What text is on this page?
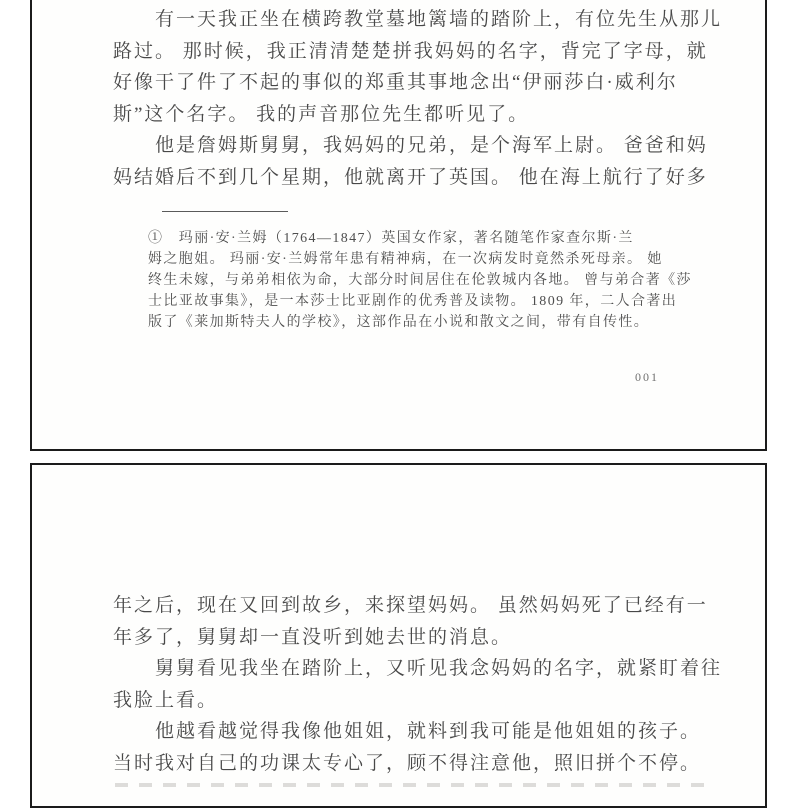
　　有一天我正坐在横跨教堂墓地篱墙的踏阶上，有位先生从那儿
路过。 那时候，我正清清楚楚拼我妈妈的名字，背完了字母，就
好像干了件了不起的事似的郑重其事地念出“伊丽莎白·威利尔
斯”这个名字。 我的声音那位先生都听见了。
　　他是詹姆斯舅舅，我妈妈的兄弟，是个海军上尉。 爸爸和妈
妈结婚后不到几个星期，他就离开了英国。 他在海上航行了好多
①　玛丽·安·兰姆（1764—1847）英国女作家，著名随笔作家查尔斯·兰
姆之胞姐。 玛丽·安·兰姆常年患有精神病，在一次病发时竟然杀死母亲。 她
终生未嫁，与弟弟相依为命，大部分时间居住在伦敦城内各地。 曾与弟合著《莎
士比亚故事集》，是一本莎士比亚剧作的优秀普及读物。 1809 年，二人合著出
版了《莱加斯特夫人的学校》，这部作品在小说和散文之间，带有自传性。
001
年之后，现在又回到故乡，来探望妈妈。 虽然妈妈死了已经有一
年多了，舅舅却一直没听到她去世的消息。
　　舅舅看见我坐在踏阶上，又听见我念妈妈的名字，就紧盯着往
我脸上看。
　　他越看越觉得我像他姐姐，就料到我可能是他姐姐的孩子。
当时我对自己的功课太专心了，顾不得注意他，照旧拼个不停。
